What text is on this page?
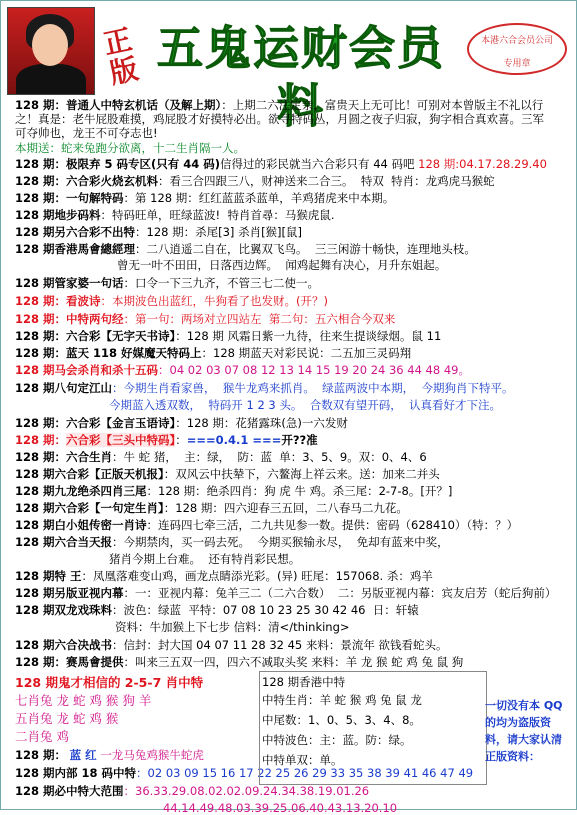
正版 五鬼运财会员料
本港六合会员公司
专用章
128 期：普通人中特玄机话（及解上期）：上期二六注定亲，富贵天上无可比！可别对本曾版主不礼以行
之！真是：老牛屁股难摸，鸡屁股才好摸特必出。欲寻特码丛，月圆之夜子归寂，狗字相合真欢喜。三军
可夺帅也，龙王不可夺志也!
本期送：蛇来兔跑分欲离，十二生肖隔一人。
128 期：极限弃 5 码专区(只有 44 码)信得过的彩民就当六合彩只有 44 码吧 128 期:04.17.28.29.40
128 期：六合彩火烧玄机料：看三合四跟三八，财神送来二合三。 特双 特肖：龙鸡虎马猴蛇
128 期：一句解特码：第 128 期：红红蓝蓝杀蓝单，羊鸡猪虎来中本期。
128 期地步码料：特码旺单，旺绿蓝波! 特肖首尋：马猴虎鼠.
128 期另六合彩不出特：128 期：杀尾[3] 杀肖[猴][鼠]
128 期香港馬會總經理：二八逍遥二自在，比翼双飞鸟。 三三闲游十畅快，连理地头枝。
曾无一叶不田田，日落西边辉。 闻鸡起舞有决心，月升东姐起。
128 期管家婆一句话：口令一下三九齐，不管三七二使一。
128 期：看波诗：本期波色出蓝红，牛狗看了也发财。(开？)
128 期：中特两句经：第一句：两场对立四站左 第二句：五六相合今双来
128 期：六合彩【无字天书诗】：128 期 风霜日紫一九待，往来生提谈绿烟。鼠 11
128 期：蓝天 118 好媒魔天特码上：128 期蓝天对彩民说：二五加三灵码翔
128 期马会杀肖和杀十五码：04 02 03 07 08 12 13 14 15 19 20 24 36 44 48 49。
128 期八句定江山：今期生肖看家兽， 猴牛龙鸡来抓肖。 绿蓝两波中本期， 今期狗肖下特平。
今期蓝入透双数， 特码开 1 2 3 头。 合数双有望开码， 认真看好才下注。
128 期：六合彩【金言玉语诗】：128 期：花猪露珠(急)一六发财
128 期：六合彩【三头中特码】：===0.4.1 ===开??准
128 期：六合生肖：牛 蛇 猪， 主：绿， 防：蓝 单：3、5、9。双：0、4、6
128 期六合彩【正版天机报】：双风云中扶辇下，六鳌海上祥云来。送：加来二并头
128 期九龙绝杀四肖三尾：128 期：绝杀四肖：狗 虎 牛 鸡。杀三尾：2-7-8。[开？]
128 期六合彩【一句定生肖】：128 期：四六迎春三五回，二八春马二九花。
128 期白小姐传密一肖诗：连码四七牵三活，二九共见参一数。提供：密码（628410）（特：？）
128 期六合当天报：今期禁肉，买一码去死。 今期买猴输永尽， 免却有蓝来中奖，
猪肖今期上台难。 还有特肖彩民想。
128 期特 王：凤凰落难变山鸡，画龙点睛添光彩。(异) 旺尾：157068. 杀：鸡羊
128 期另版亚视内幕：一：亚视内幕：兔羊三二（二六合数） 二：另版亚视内幕：宾友启芳（蛇后狗前）
128 期双龙戏珠料：波色：绿蓝 平特：07 08 10 23 25 30 42 46 日：轩辕
资料：牛加猴上下七步 信料：清</thinking>
128 期六合决战书：信封：封大国 04 07 11 28 32 45 来料：景流年 欲钱看蛇头。
128 期：赛馬會提供：叫来三五双一四，四六不减取头奖 来料：羊 龙 猴 蛇 鸡 兔 鼠 狗
128 期鬼才相信的 2-5-7 肖中特
七肖兔 龙 蛇 鸡 猴 狗 羊
五肖兔 龙 蛇 鸡 猴
二肖兔 鸡
128 期： 蓝 红 一龙马兔鸡猴牛蛇虎
128 期内部 18 码中特：02 03 09 15 16 17 22 25 26 29 33 35 38 39 41 46 47 49
128 期必中特大范围：36.33.29.08.02.02.09.24.34.38.19.01.26
44.14.49.48.03.39.25.06.40.43.13.20.10
128 期香港中特
中特生肖：羊 蛇 猴 鸡 兔 鼠 龙
中尾数：1、0、5、3、4、8。
中特波色：主：蓝。防：绿。
中特单双：单。
一切没有本 QQ 的均为盗版资料，请大家认清正版资料：
